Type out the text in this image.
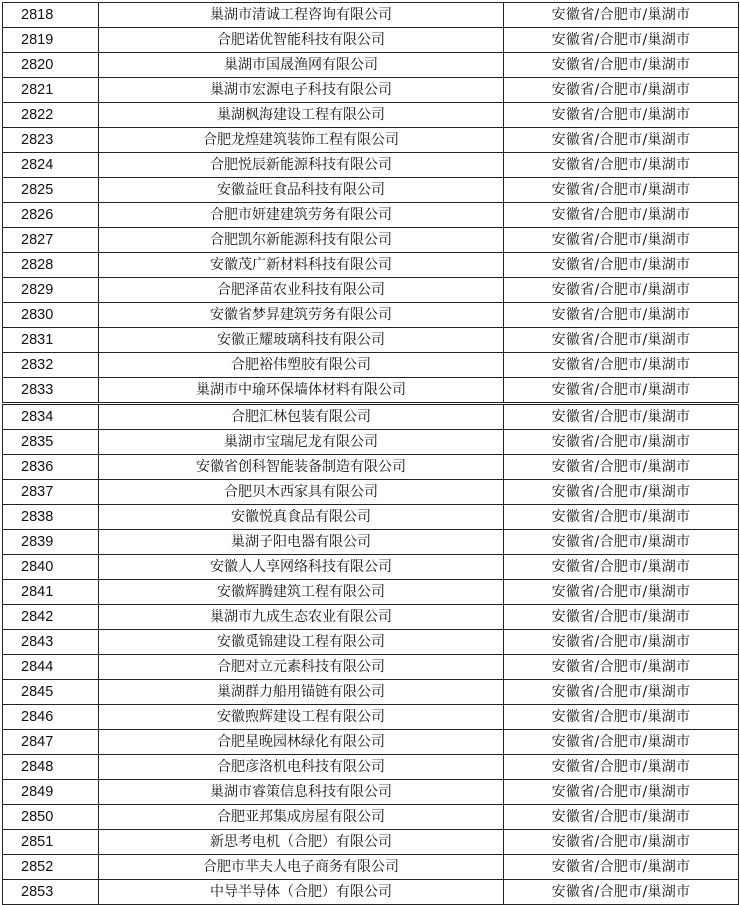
2818	巢湖市清诚工程咨询有限公司	安徽省/合肥市/巢湖市
2819	合肥诺优智能科技有限公司	安徽省/合肥市/巢湖市
2820	巢湖市国晟渔网有限公司	安徽省/合肥市/巢湖市
2821	巢湖市宏源电子科技有限公司	安徽省/合肥市/巢湖市
2822	巢湖枫海建设工程有限公司	安徽省/合肥市/巢湖市
2823	合肥龙煌建筑装饰工程有限公司	安徽省/合肥市/巢湖市
2824	合肥悦辰新能源科技有限公司	安徽省/合肥市/巢湖市
2825	安徽益旺食品科技有限公司	安徽省/合肥市/巢湖市
2826	合肥市妍建建筑劳务有限公司	安徽省/合肥市/巢湖市
2827	合肥凯尔新能源科技有限公司	安徽省/合肥市/巢湖市
2828	安徽茂广新材料科技有限公司	安徽省/合肥市/巢湖市
2829	合肥泽苗农业科技有限公司	安徽省/合肥市/巢湖市
2830	安徽省梦昇建筑劳务有限公司	安徽省/合肥市/巢湖市
2831	安徽正耀玻璃科技有限公司	安徽省/合肥市/巢湖市
2832	合肥裕伟塑胶有限公司	安徽省/合肥市/巢湖市
2833	巢湖市中瑜环保墙体材料有限公司	安徽省/合肥市/巢湖市
2834	合肥汇林包装有限公司	安徽省/合肥市/巢湖市
2835	巢湖市宝瑞尼龙有限公司	安徽省/合肥市/巢湖市
2836	安徽省创科智能装备制造有限公司	安徽省/合肥市/巢湖市
2837	合肥贝木西家具有限公司	安徽省/合肥市/巢湖市
2838	安徽悦真食品有限公司	安徽省/合肥市/巢湖市
2839	巢湖子阳电器有限公司	安徽省/合肥市/巢湖市
2840	安徽人人享网络科技有限公司	安徽省/合肥市/巢湖市
2841	安徽辉腾建筑工程有限公司	安徽省/合肥市/巢湖市
2842	巢湖市九成生态农业有限公司	安徽省/合肥市/巢湖市
2843	安徽觅锦建设工程有限公司	安徽省/合肥市/巢湖市
2844	合肥对立元素科技有限公司	安徽省/合肥市/巢湖市
2845	巢湖群力船用锚链有限公司	安徽省/合肥市/巢湖市
2846	安徽煦辉建设工程有限公司	安徽省/合肥市/巢湖市
2847	合肥星晚园林绿化有限公司	安徽省/合肥市/巢湖市
2848	合肥彦洛机电科技有限公司	安徽省/合肥市/巢湖市
2849	巢湖市睿策信息科技有限公司	安徽省/合肥市/巢湖市
2850	合肥亚邦集成房屋有限公司	安徽省/合肥市/巢湖市
2851	新思考电机（合肥）有限公司	安徽省/合肥市/巢湖市
2852	合肥市芈夫人电子商务有限公司	安徽省/合肥市/巢湖市
2853	中导半导体（合肥）有限公司	安徽省/合肥市/巢湖市
